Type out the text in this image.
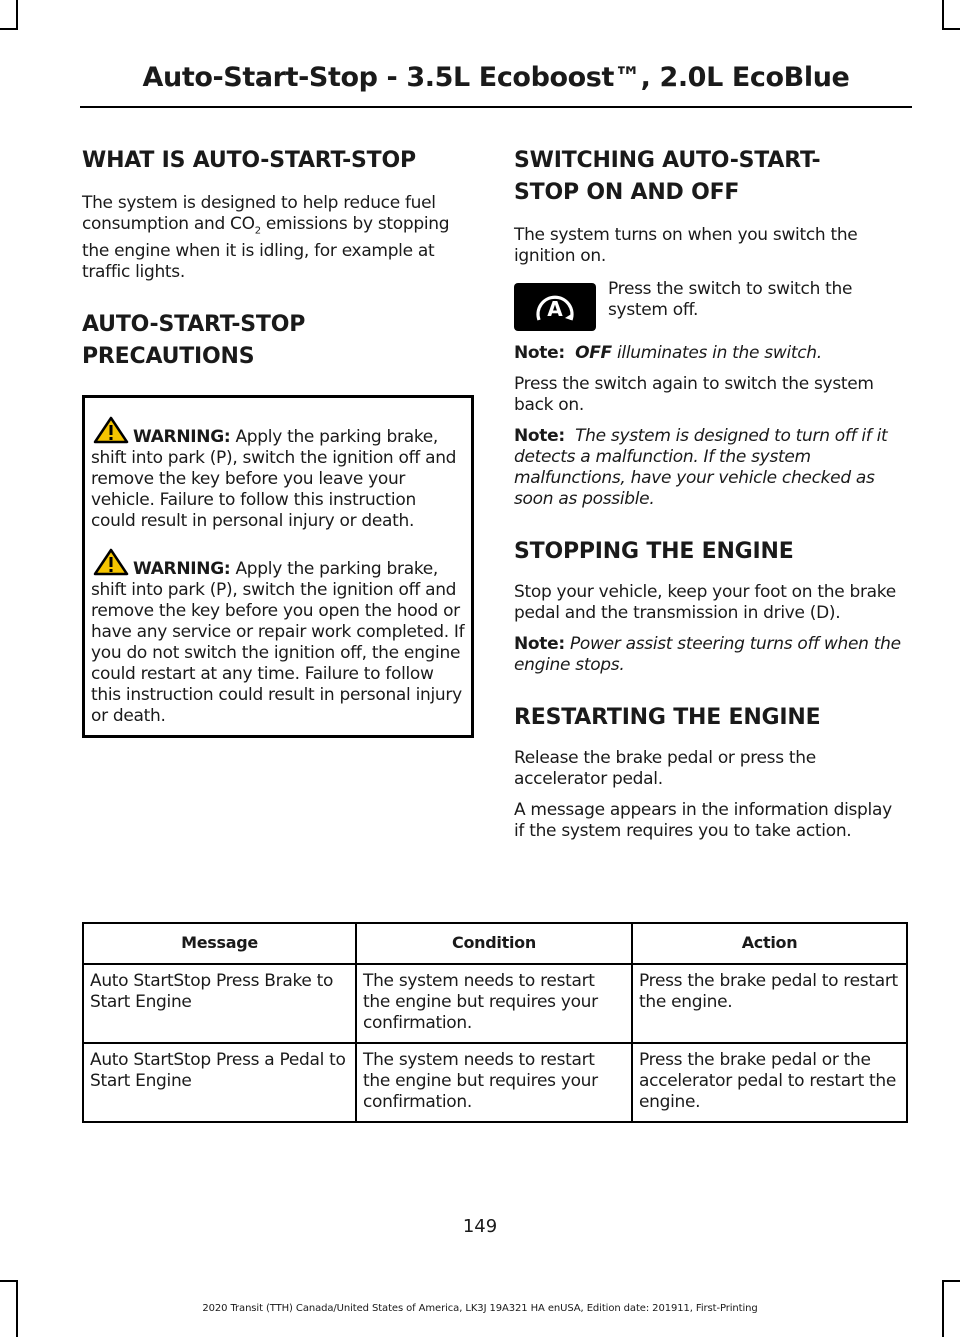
Auto-Start-Stop - 3.5L Ecoboost™, 2.0L EcoBlue
WHAT IS AUTO-START-STOP

The system is designed to help reduce fuel consumption and $CO_2$ emissions by stopping the engine when it is idling, for example at traffic lights.

AUTO-START-STOP
PRECAUTIONS

WARNING: Apply the parking brake, shift into park (P), switch the ignition off and remove the key before you leave your vehicle. Failure to follow this instruction could result in personal injury or death.

WARNING: Apply the parking brake, shift into park (P), switch the ignition off and remove the key before you open the hood or have any service or repair work completed. If you do not switch the ignition off, the engine could restart at any time. Failure to follow this instruction could result in personal injury or death.

SWITCHING AUTO-START-
STOP ON AND OFF

The system turns on when you switch the ignition on.

A

Press the switch to switch the system off.

Note: OFF illuminates in the switch.

Press the switch again to switch the system back on.

Note: The system is designed to turn off if it detects a malfunction. If the system malfunctions, have your vehicle checked as soon as possible.

STOPPING THE ENGINE

Stop your vehicle, keep your foot on the brake pedal and the transmission in drive (D).

Note: Power assist steering turns off when the engine stops.

RESTARTING THE ENGINE

Release the brake pedal or press the accelerator pedal.

A message appears in the information display if the system requires you to take action.

Message	Condition	Action
Auto StartStop Press Brake to Start Engine	The system needs to restart the engine but requires your confirmation.	Press the brake pedal to restart the engine.
Auto StartStop Press a Pedal to Start Engine	The system needs to restart the engine but requires your confirmation.	Press the brake pedal or the accelerator pedal to restart the engine.
149
2020 Transit (TTH) Canada/United States of America, LK3J 19A321 HA enUSA, Edition date: 201911, First-Printing
